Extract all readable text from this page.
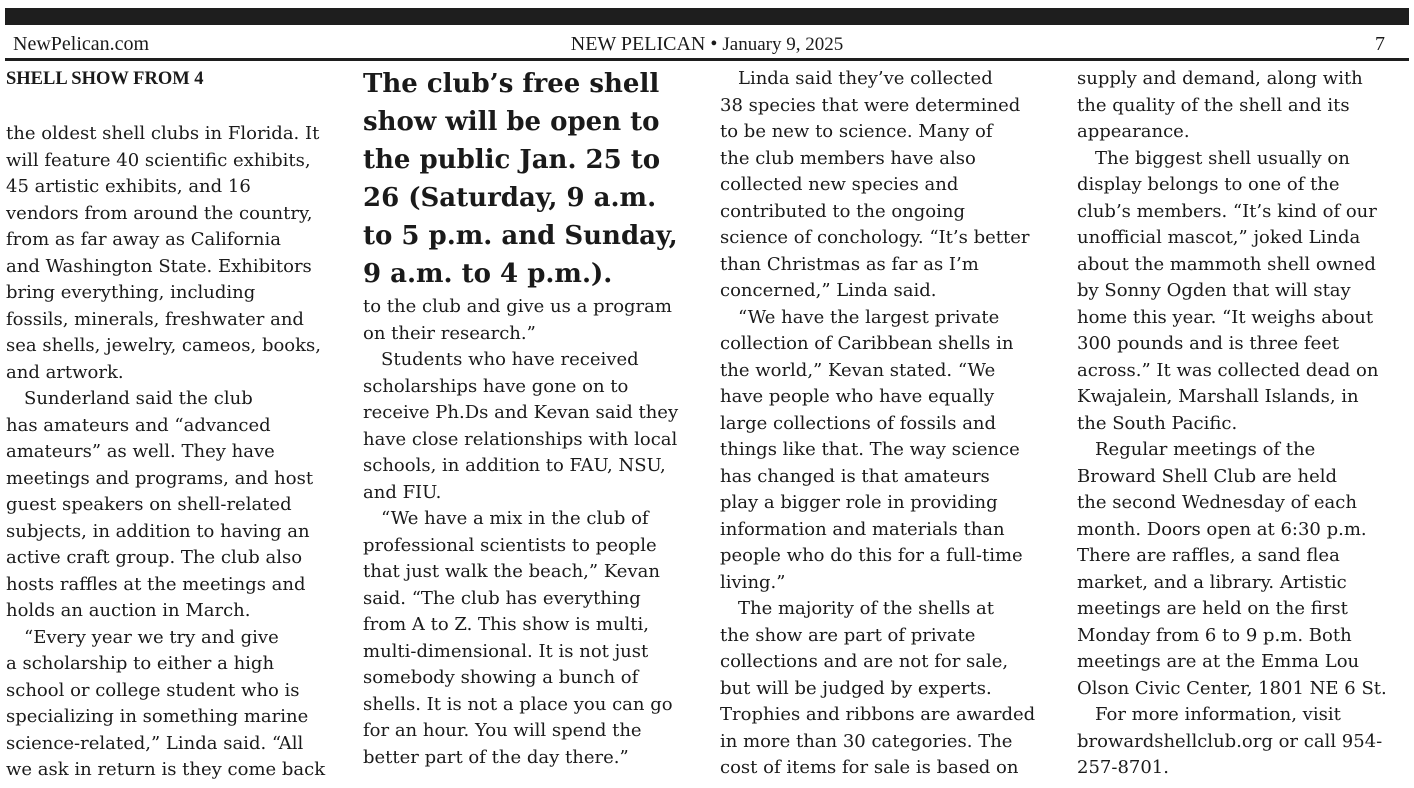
NewPelican.com	NEW PELICAN • January 9, 2025	7

SHELL SHOW FROM 4

the oldest shell clubs in Florida. It

will feature 40 scientific exhibits,

45 artistic exhibits, and 16

vendors from around the country,

from as far away as California

and Washington State. Exhibitors

bring everything, including

fossils, minerals, freshwater and

sea shells, jewelry, cameos, books,

and artwork.

Sunderland said the club

has amateurs and “advanced

amateurs” as well. They have

meetings and programs, and host

guest speakers on shell-related

subjects, in addition to having an

active craft group. The club also

hosts raffles at the meetings and

holds an auction in March.

“Every year we try and give

a scholarship to either a high

school or college student who is

specializing in something marine

science-related,” Linda said. “All

we ask in return is they come back

The club’s free shell

show will be open to

the public Jan. 25 to

26 (Saturday, 9 a.m.

to 5 p.m. and Sunday,

9 a.m. to 4 p.m.).

to the club and give us a program

on their research.”

Students who have received

scholarships have gone on to

receive Ph.Ds and Kevan said they

have close relationships with local

schools, in addition to FAU, NSU,

and FIU.

“We have a mix in the club of

professional scientists to people

that just walk the beach,” Kevan

said. “The club has everything

from A to Z. This show is multi,

multi-dimensional. It is not just

somebody showing a bunch of

shells. It is not a place you can go

for an hour. You will spend the

better part of the day there.”

Linda said they’ve collected

38 species that were determined

to be new to science. Many of

the club members have also

collected new species and

contributed to the ongoing

science of conchology. “It’s better

than Christmas as far as I’m

concerned,” Linda said.

“We have the largest private

collection of Caribbean shells in

the world,” Kevan stated. “We

have people who have equally

large collections of fossils and

things like that. The way science

has changed is that amateurs

play a bigger role in providing

information and materials than

people who do this for a full-time

living.”

The majority of the shells at

the show are part of private

collections and are not for sale,

but will be judged by experts.

Trophies and ribbons are awarded

in more than 30 categories. The

cost of items for sale is based on

supply and demand, along with

the quality of the shell and its

appearance.

The biggest shell usually on

display belongs to one of the

club’s members. “It’s kind of our

unofficial mascot,” joked Linda

about the mammoth shell owned

by Sonny Ogden that will stay

home this year. “It weighs about

300 pounds and is three feet

across.” It was collected dead on

Kwajalein, Marshall Islands, in

the South Pacific.

Regular meetings of the

Broward Shell Club are held

the second Wednesday of each

month. Doors open at 6:30 p.m.

There are raffles, a sand flea

market, and a library. Artistic

meetings are held on the first

Monday from 6 to 9 p.m. Both

meetings are at the Emma Lou

Olson Civic Center, 1801 NE 6 St.

For more information, visit

browardshellclub.org or call 954-

257-8701.
